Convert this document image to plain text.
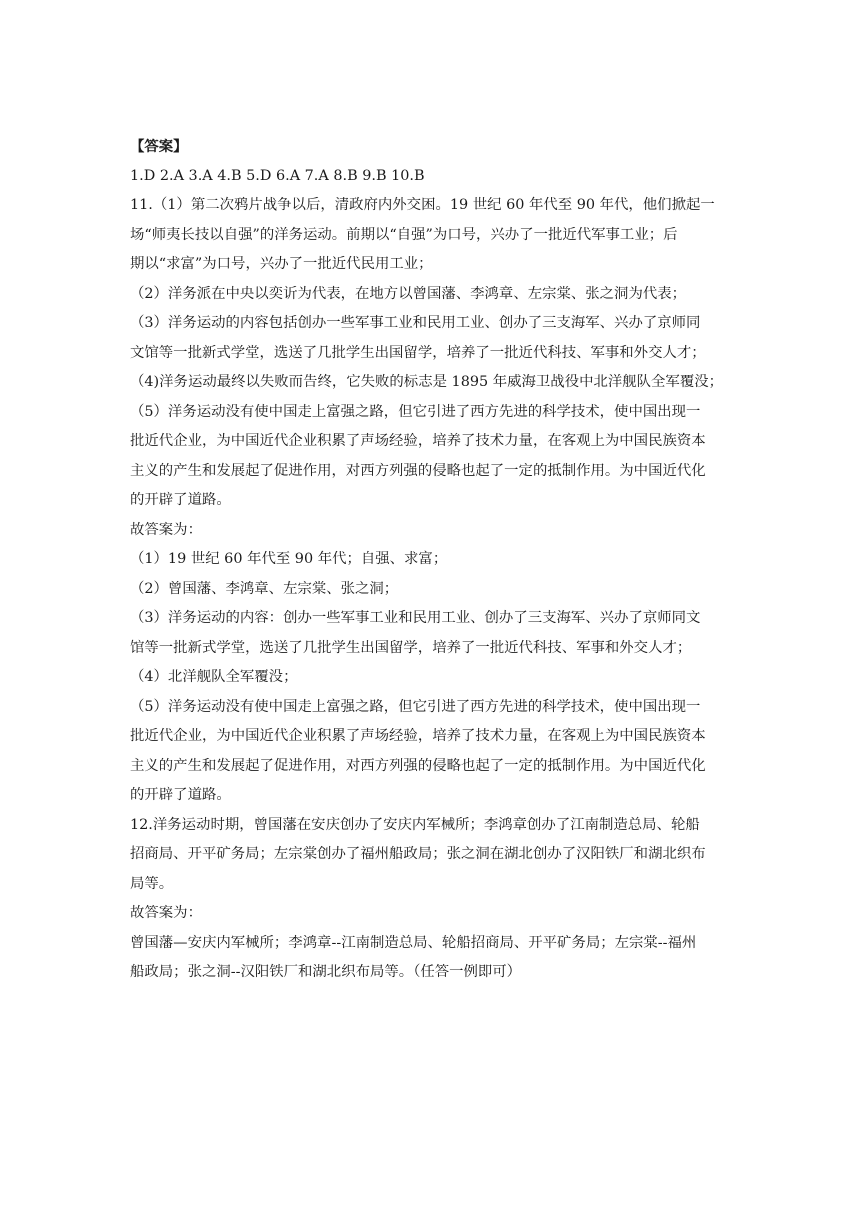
【答案】
1.D 2.A 3.A 4.B 5.D 6.A 7.A 8.B 9.B 10.B
11.（1）第二次鸦片战争以后，清政府内外交困。19 世纪 60 年代至 90 年代，他们掀起一
场“师夷长技以自强”的洋务运动。前期以“自强”为口号，兴办了一批近代军事工业；后
期以“求富”为口号，兴办了一批近代民用工业；
（2）洋务派在中央以奕䜣为代表，在地方以曾国藩、李鸿章、左宗棠、张之洞为代表；
（3）洋务运动的内容包括创办一些军事工业和民用工业、创办了三支海军、兴办了京师同
文馆等一批新式学堂，选送了几批学生出国留学，培养了一批近代科技、军事和外交人才；
（4)洋务运动最终以失败而告终，它失败的标志是 1895 年威海卫战役中北洋舰队全军覆没；
（5）洋务运动没有使中国走上富强之路，但它引进了西方先进的科学技术，使中国出现一
批近代企业，为中国近代企业积累了声场经验，培养了技术力量，在客观上为中国民族资本
主义的产生和发展起了促进作用，对西方列强的侵略也起了一定的抵制作用。为中国近代化
的开辟了道路。
故答案为：
（1）19 世纪 60 年代至 90 年代；自强、求富；
（2）曾国藩、李鸿章、左宗棠、张之洞；
（3）洋务运动的内容：创办一些军事工业和民用工业、创办了三支海军、兴办了京师同文
馆等一批新式学堂，选送了几批学生出国留学，培养了一批近代科技、军事和外交人才；
（4）北洋舰队全军覆没；
（5）洋务运动没有使中国走上富强之路，但它引进了西方先进的科学技术，使中国出现一
批近代企业，为中国近代企业积累了声场经验，培养了技术力量，在客观上为中国民族资本
主义的产生和发展起了促进作用，对西方列强的侵略也起了一定的抵制作用。为中国近代化
的开辟了道路。
12.洋务运动时期，曾国藩在安庆创办了安庆内军械所；李鸿章创办了江南制造总局、轮船
招商局、开平矿务局；左宗棠创办了福州船政局；张之洞在湖北创办了汉阳铁厂和湖北织布
局等。
故答案为：
曾国藩—安庆内军械所；李鸿章--江南制造总局、轮船招商局、开平矿务局；左宗棠--福州
船政局；张之洞--汉阳铁厂和湖北织布局等。（任答一例即可）
